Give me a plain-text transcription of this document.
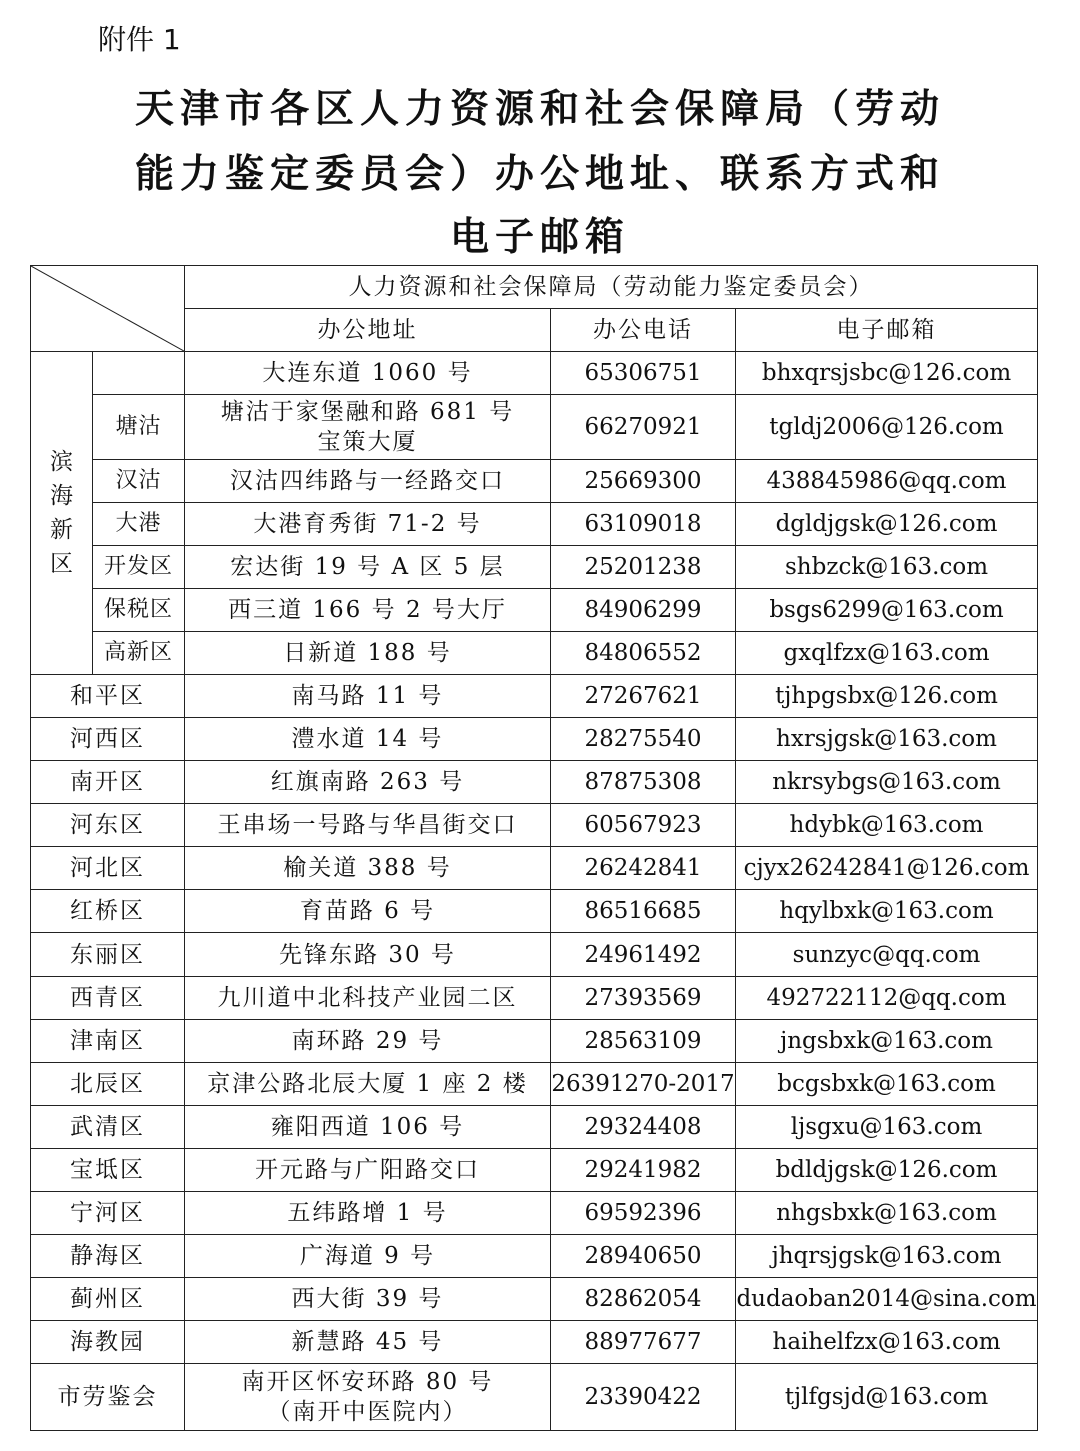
附件 1
天津市各区人力资源和社会保障局（劳动
能力鉴定委员会）办公地址、联系方式和
电子邮箱
	人力资源和社会保障局（劳动能力鉴定委员会）		
		办公地址	办公电话	电子邮箱
滨海新区		大连东道 1060 号	65306751	bhxqrsjsbc@126.com
	塘沽	塘沽于家堡融和路 681 号
宝策大厦	66270921	tgldj2006@126.com
	汉沽	汉沽四纬路与一经路交口	25669300	438845986@qq.com
	大港	大港育秀街 71-2 号	63109018	dgldjgsk@126.com
	开发区	宏达街 19 号 A 区 5 层	25201238	shbzck@163.com
	保税区	西三道 166 号 2 号大厅	84906299	bsgs6299@163.com
	高新区	日新道 188 号	84806552	gxqlfzx@163.com
和平区		南马路 11 号	27267621	tjhpgsbx@126.com
河西区		澧水道 14 号	28275540	hxrsjgsk@163.com
南开区		红旗南路 263 号	87875308	nkrsybgs@163.com
河东区		王串场一号路与华昌街交口	60567923	hdybk@163.com
河北区		榆关道 388 号	26242841	cjyx26242841@126.com
红桥区		育苗路 6 号	86516685	hqylbxk@163.com
东丽区		先锋东路 30 号	24961492	sunzyc@qq.com
西青区		九川道中北科技产业园二区	27393569	492722112@qq.com
津南区		南环路 29 号	28563109	jngsbxk@163.com
北辰区		京津公路北辰大厦 1 座 2 楼	26391270-2017	bcgsbxk@163.com
武清区		雍阳西道 106 号	29324408	ljsgxu@163.com
宝坻区		开元路与广阳路交口	29241982	bdldjgsk@126.com
宁河区		五纬路增 1 号	69592396	nhgsbxk@163.com
静海区		广海道 9 号	28940650	jhqrsjgsk@163.com
蓟州区		西大街 39 号	82862054	dudaoban2014@sina.com
海教园		新慧路 45 号	88977677	haihelfzx@163.com
市劳鉴会		南开区怀安环路 80 号
（南开中医院内）	23390422	tjlfgsjd@163.com
